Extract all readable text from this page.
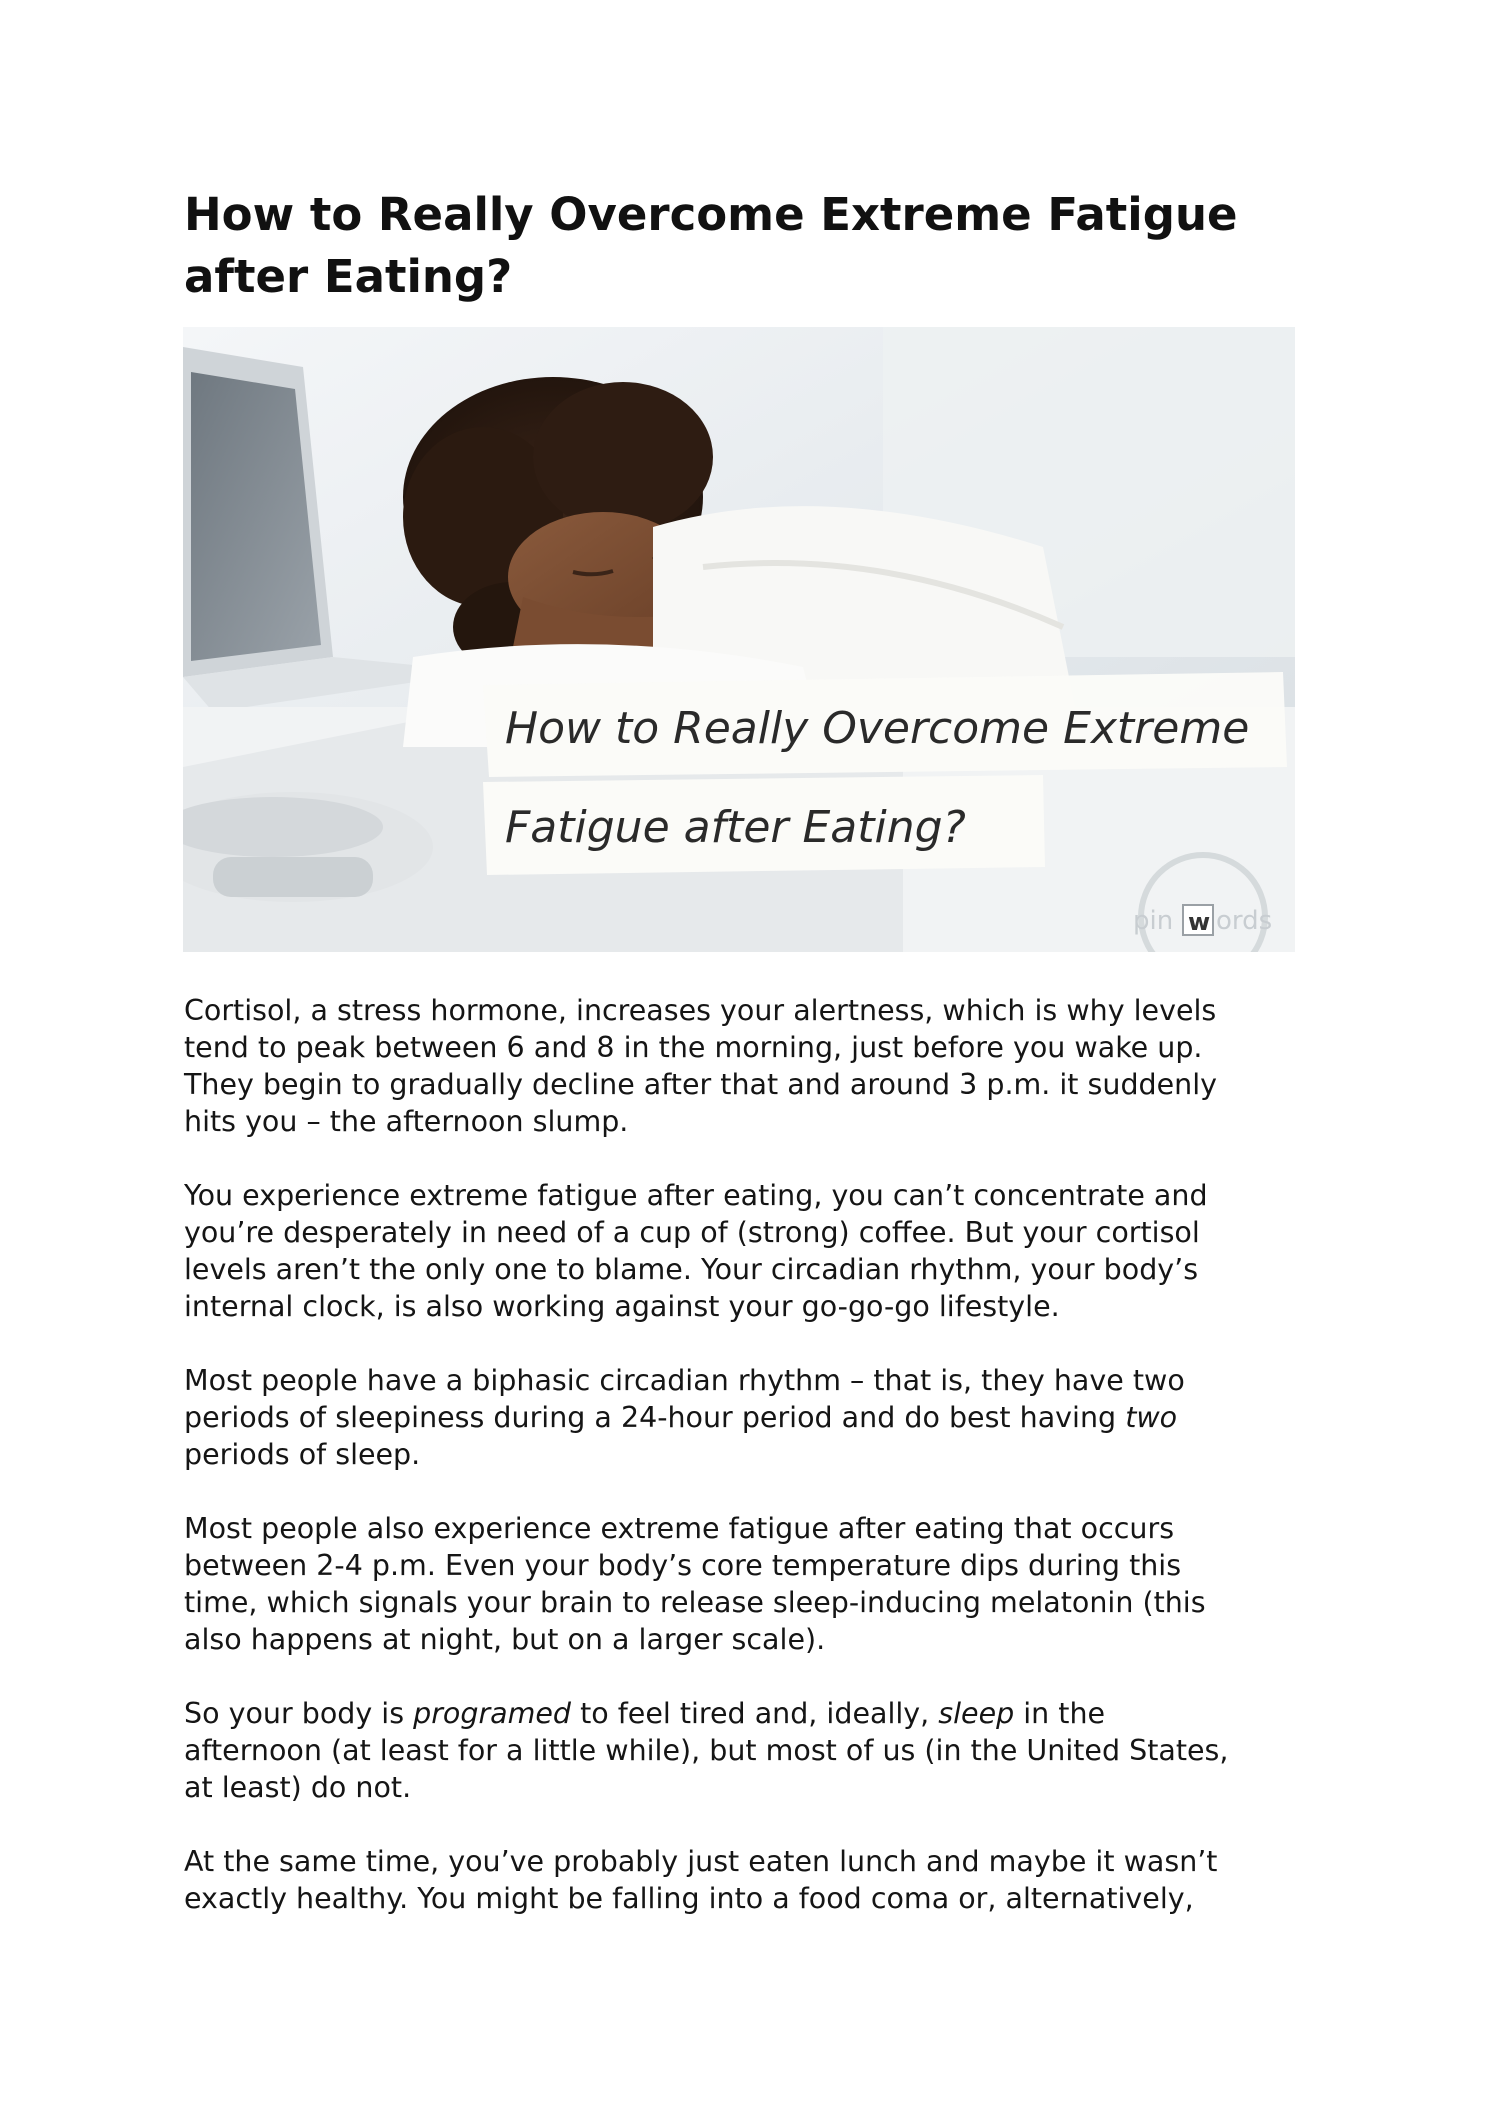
How to Really Overcome Extreme Fatigue
after Eating?
How to Really Overcome Extreme
Fatigue after Eating?
pin w ords

Cortisol, a stress hormone, increases your alertness, which is why levels
tend to peak between 6 and 8 in the morning, just before you wake up.
They begin to gradually decline after that and around 3 p.m. it suddenly
hits you – the afternoon slump.

You experience extreme fatigue after eating, you can’t concentrate and
you’re desperately in need of a cup of (strong) coffee. But your cortisol
levels aren’t the only one to blame. Your circadian rhythm, your body’s
internal clock, is also working against your go-go-go lifestyle.

Most people have a biphasic circadian rhythm – that is, they have two
periods of sleepiness during a 24-hour period and do best having two
periods of sleep.

Most people also experience extreme fatigue after eating that occurs
between 2-4 p.m. Even your body’s core temperature dips during this
time, which signals your brain to release sleep-inducing melatonin (this
also happens at night, but on a larger scale).

So your body is programed to feel tired and, ideally, sleep in the
afternoon (at least for a little while), but most of us (in the United States,
at least) do not.

At the same time, you’ve probably just eaten lunch and maybe it wasn’t
exactly healthy. You might be falling into a food coma or, alternatively,
